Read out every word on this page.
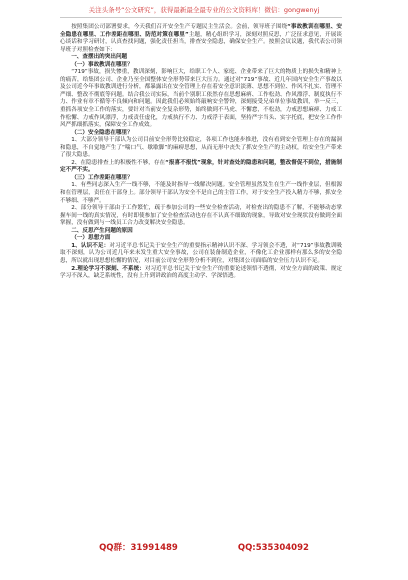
关注头条号“公文研究”，获得最新最全最专业的公文资料库！微信：gongwenyj

按照集团公司部署要求，今天我们召开安全生产专题民主生活会。会前，领导班子围绕“事故教训在哪里、安全隐患在哪里、工作差距在哪里、防范对策在哪里”主题，精心组织学习，深刻对照反思，广泛征求意见，开展谈心谈话和学习研讨，认真查找问题，强化责任担当，排查安全隐患，确保安全生产。按照会议议题，我代表公司领导班子对照检查如下：

一、查摆出的突出问题

（一）事故教训在哪里？

“719”事故，损失惨重，教训深刻，影响巨大，给职工个人、家庭、企业带来了巨大的物质上的损失和精神上的痛苦，给集团公司、企业乃至全国整体安全形势带来巨大压力。通过对“719”事故、近几年国内安全生产事故以及公司近今年事故教训进行分析，都暴露出在安全管理上存在着安全意识淡薄、思想不到位、作风不扎实、管理不严细、整改不彻底等问题。结合我公司实际，当前个别职工依然存在思想麻痹、工作松劲、作风漂浮、制度执行不力、作业有章不循等不良倾向和问题。因此我们必须始终敲响安全警钟，深刻接受兄弟单位事故教训，举一反三，重抓各项安全工作的落实，要针对当前安全复杂形势，始终做到不马虎、不懈怠，不松劲，力戒思想麻痹、力戒工作松懈、力戒作风漂浮，力戒责任虚化，力戒执行不力、力戒浮于表面，坚持严字当头、实字托底，把安全工作作风严抓细抓落实，保障安全工作成效。

（二）安全隐患在哪里？

1、大部分领导干部认为公司目前安全形势比较稳定，各项工作也能步推进，没有看到安全管理上存在的漏洞和隐患，不自觉地产生了“喘口气、歇歇脚”的麻痹思想，从而无形中丧失了抓安全生产的主动权，给安全生产带来了很大隐患。

2、在隐患排查上的积极性不够，存在“报喜不报忧”现象，针对查处的隐患和问题，整改督促不到位，措施制定不严不实。

（三）工作差距在哪里？

1、有些同志深入生产一线不够，不能及时指导一线解决问题。安全管理虽然发生在生产一线作业层，但根源和在管理层，责任在干部身上。部分领导干部认为安全不是自己的主管工作，对于安全生产投入精力不够，抓安全不够细、不够严。

2、部分领导干部由于工作繁忙，疏于参加公司的一些安全检查活动，对检查出的隐患不了解，不能够动态掌握车间一线的真实情况，有时即使参加了安全检查活动也存在不认真不细致的现象，导致对安全现状没有做到全面掌握，没有做到与一线员工合力改变解决安全隐患。

二、反思产生问题的原因

（一）思想方面

1、认识不足：对习近平总书记关于安全生产的重要指示精神认识不深、学习领会不透，对“719”事故教训吸取不深刻，认为公司近几年来未发生重大安全事故，公司在装备制造企业，不像化工企业那样有那么多的安全隐患，所以就出现思想松懈的情况，对目前公司安全形势分析不到位，对集团公司面临的安全压力认识不足。

2.理论学习不深刻、不系统：对习近平总书记关于安全生产的重要论述领悟不透彻，对安全方面的政策、规定学习不深入，缺乏系统性，没有上升到讲政治的高度主动学、学深悟透。

QQ群：31991489	QQ:535304092
